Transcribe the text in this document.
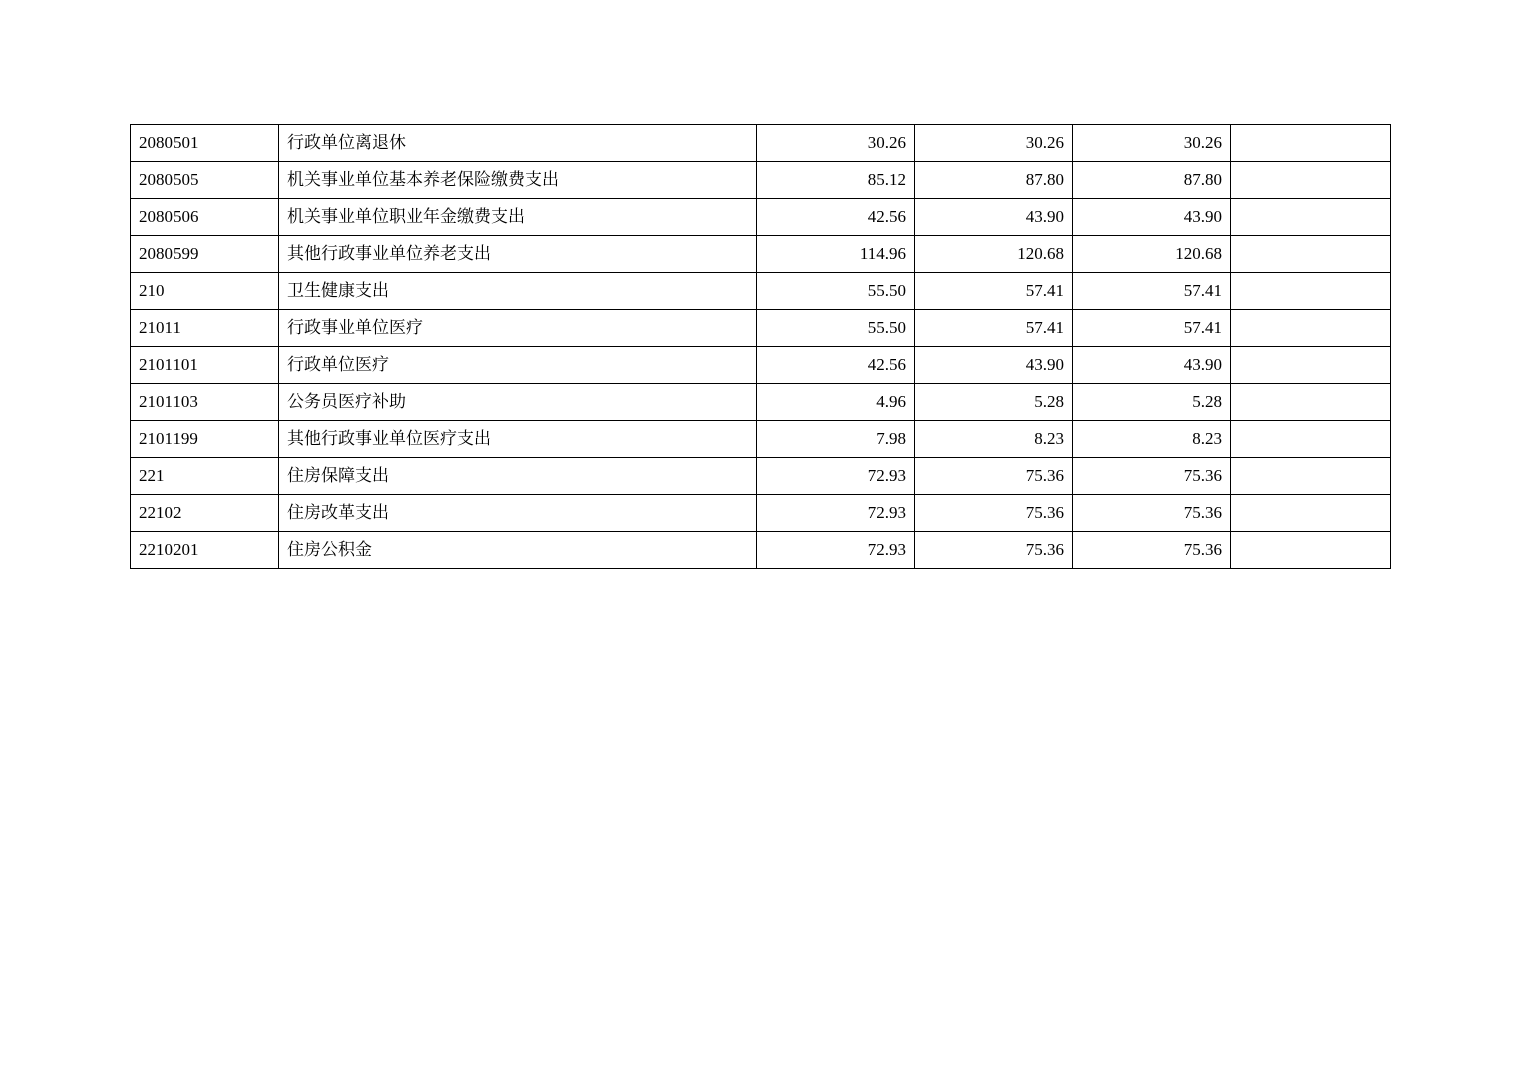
2080501	行政单位离退休	30.26	30.26	30.26	
2080505	机关事业单位基本养老保险缴费支出	85.12	87.80	87.80	
2080506	机关事业单位职业年金缴费支出	42.56	43.90	43.90	
2080599	其他行政事业单位养老支出	114.96	120.68	120.68	
210	卫生健康支出	55.50	57.41	57.41	
21011	行政事业单位医疗	55.50	57.41	57.41	
2101101	行政单位医疗	42.56	43.90	43.90	
2101103	公务员医疗补助	4.96	5.28	5.28	
2101199	其他行政事业单位医疗支出	7.98	8.23	8.23	
221	住房保障支出	72.93	75.36	75.36	
22102	住房改革支出	72.93	75.36	75.36	
2210201	住房公积金	72.93	75.36	75.36	
